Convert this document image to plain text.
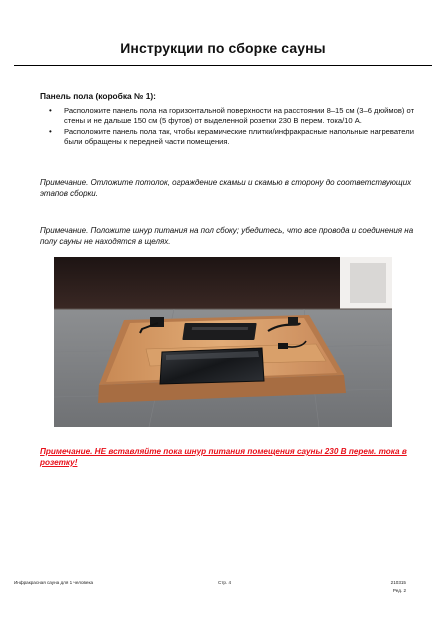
Инструкции по сборке сауны
Панель пола (коробка № 1):
• Расположите панель пола на горизонтальной поверхности на расстоянии 8–15 см (3–6 дюймов) от стены и не дальше 150 см (5 футов) от выделенной розетки 230 В перем. тока/10 А.
• Расположите панель пола так, чтобы керамические плитки/инфракрасные напольные нагреватели были обращены к передней части помещения.
Примечание. Отложите потолок, ограждение скамьи и скамью в сторону до соответствующих этапов сборки.
Примечание. Положите шнур питания на пол сбоку; убедитесь, что все провода и соединения на полу сауны не находятся в щелях.
Примечание. НЕ вставляйте пока шнур питания помещения сауны 230 В перем. тока в розетку!
Инфракрасная сауна для 1 человека	Стр. 4	210315
Ред. 2
